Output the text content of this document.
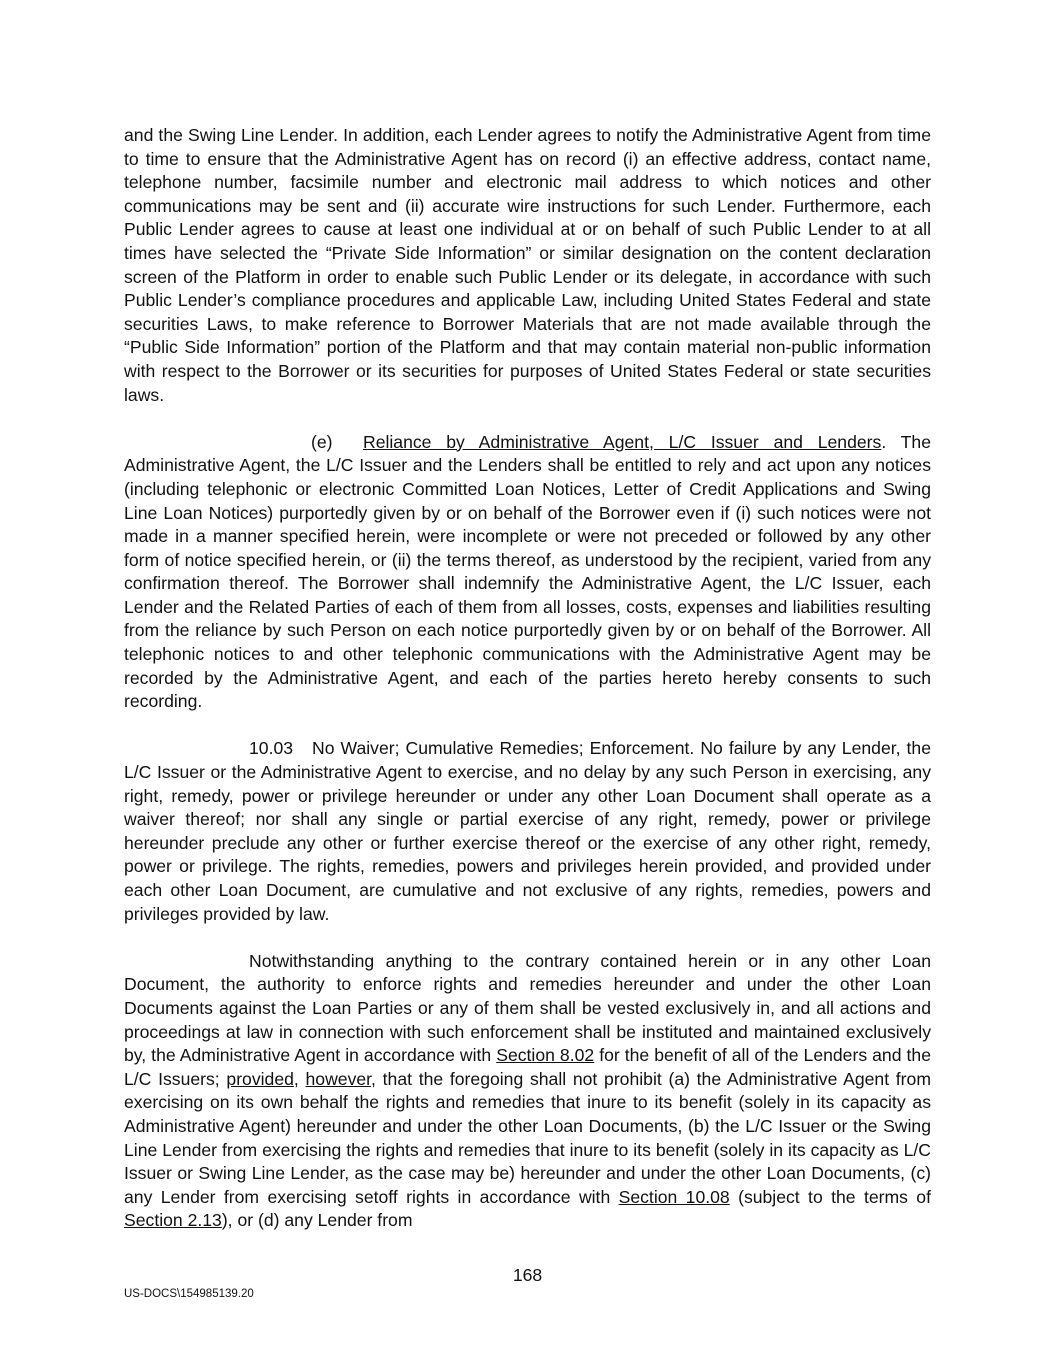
and the Swing Line Lender. In addition, each Lender agrees to notify the Administrative Agent from time to time to ensure that the Administrative Agent has on record (i) an effective address, contact name, telephone number, facsimile number and electronic mail address to which notices and other communications may be sent and (ii) accurate wire instructions for such Lender. Furthermore, each Public Lender agrees to cause at least one individual at or on behalf of such Public Lender to at all times have selected the “Private Side Information” or similar designation on the content declaration screen of the Platform in order to enable such Public Lender or its delegate, in accordance with such Public Lender’s compliance procedures and applicable Law, including United States Federal and state securities Laws, to make reference to Borrower Materials that are not made available through the “Public Side Information” portion of the Platform and that may contain material non-public information with respect to the Borrower or its securities for purposes of United States Federal or state securities laws.

(e) Reliance by Administrative Agent, L/C Issuer and Lenders. The Administrative Agent, the L/C Issuer and the Lenders shall be entitled to rely and act upon any notices (including telephonic or electronic Committed Loan Notices, Letter of Credit Applications and Swing Line Loan Notices) purportedly given by or on behalf of the Borrower even if (i) such notices were not made in a manner specified herein, were incomplete or were not preceded or followed by any other form of notice specified herein, or (ii) the terms thereof, as understood by the recipient, varied from any confirmation thereof. The Borrower shall indemnify the Administrative Agent, the L/C Issuer, each Lender and the Related Parties of each of them from all losses, costs, expenses and liabilities resulting from the reliance by such Person on each notice purportedly given by or on behalf of the Borrower. All telephonic notices to and other telephonic communications with the Administrative Agent may be recorded by the Administrative Agent, and each of the parties hereto hereby consents to such recording.

10.03 No Waiver; Cumulative Remedies; Enforcement. No failure by any Lender, the L/C Issuer or the Administrative Agent to exercise, and no delay by any such Person in exercising, any right, remedy, power or privilege hereunder or under any other Loan Document shall operate as a waiver thereof; nor shall any single or partial exercise of any right, remedy, power or privilege hereunder preclude any other or further exercise thereof or the exercise of any other right, remedy, power or privilege. The rights, remedies, powers and privileges herein provided, and provided under each other Loan Document, are cumulative and not exclusive of any rights, remedies, powers and privileges provided by law.

Notwithstanding anything to the contrary contained herein or in any other Loan Document, the authority to enforce rights and remedies hereunder and under the other Loan Documents against the Loan Parties or any of them shall be vested exclusively in, and all actions and proceedings at law in connection with such enforcement shall be instituted and maintained exclusively by, the Administrative Agent in accordance with Section 8.02 for the benefit of all of the Lenders and the L/C Issuers; provided, however, that the foregoing shall not prohibit (a) the Administrative Agent from exercising on its own behalf the rights and remedies that inure to its benefit (solely in its capacity as Administrative Agent) hereunder and under the other Loan Documents, (b) the L/C Issuer or the Swing Line Lender from exercising the rights and remedies that inure to its benefit (solely in its capacity as L/C Issuer or Swing Line Lender, as the case may be) hereunder and under the other Loan Documents, (c) any Lender from exercising setoff rights in accordance with Section 10.08 (subject to the terms of Section 2.13), or (d) any Lender from

168
US-DOCS\154985139.20
